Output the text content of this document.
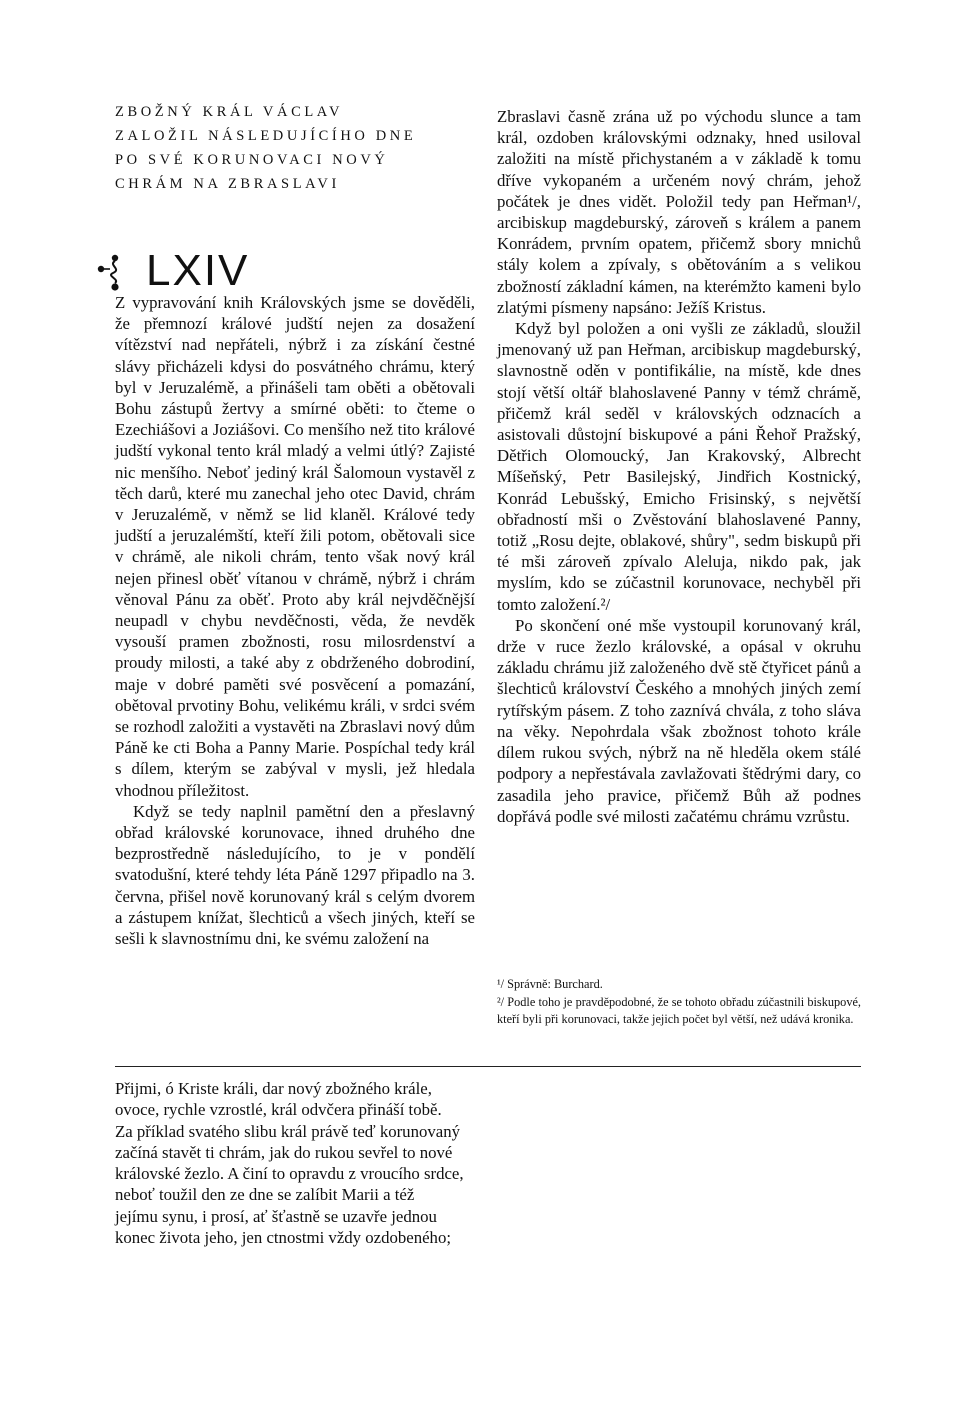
ZBOŽNÝ KRÁL VÁCLAV

ZALOŽIL NÁSLEDUJÍCÍHO DNE

PO SVÉ KORUNOVACI NOVÝ

CHRÁM NA ZBRASLAVI

LXIV

Z vypravování knih Královských jsme se dověděli, že přemnozí králové judští nejen za dosažení vítězství nad nepřáteli, nýbrž i za získání čestné slávy přicházeli kdysi do posvátného chrámu, který byl v Jeruzalémě, a přinášeli tam oběti a obětovali Bohu zástupů žertvy a smírné oběti: to čteme o Ezechiášovi a Joziášovi. Co menšího než tito králové judští vykonal tento král mladý a velmi útlý? Zajisté nic menšího. Neboť jediný král Šalomoun vystavěl z těch darů, které mu zanechal jeho otec David, chrám v Jeruzalémě, v němž se lid klaněl. Králové tedy judští a jeruzalémští, kteří žili potom, obětovali sice v chrámě, ale nikoli chrám, tento však nový král nejen přinesl oběť vítanou v chrámě, nýbrž i chrám věnoval Pánu za oběť. Proto aby král nejvděčnější neupadl v chybu nevděčnosti, věda, že nevděk vysouší pramen zbožnosti, rosu milosrdenství a proudy milosti, a také aby z obdrženého dobrodiní, maje v dobré paměti své posvěcení a pomazání, obětoval prvotiny Bohu, velikému králi, v srdci svém se rozhodl založiti a vystavěti na Zbraslavi nový dům Páně ke cti Boha a Panny Marie. Pospíchal tedy král s dílem, kterým se zabýval v mysli, jež hledala vhodnou příležitost.

Když se tedy naplnil pamětní den a přeslavný obřad královské korunovace, ihned druhého dne bezprostředně následujícího, to je v pondělí svatodušní, které tehdy léta Páně 1297 připadlo na 3. června, přišel nově korunovaný král s celým dvorem a zástupem knížat, šlechticů a všech jiných, kteří se sešli k slavnostnímu dni, ke svému založení na

Zbraslavi časně zrána už po východu slunce a tam král, ozdoben královskými odznaky, hned usiloval založiti na místě přichystaném a v základě k tomu dříve vykopaném a určeném nový chrám, jehož počátek je dnes vidět. Položil tedy pan Heřman¹/, arcibiskup magdeburský, zároveň s králem a panem Konrádem, prvním opatem, přičemž sbory mnichů stály kolem a zpívaly, s obětováním a s velikou zbožností základní kámen, na kterémžto kameni bylo zlatými písmeny napsáno: Ježíš Kristus.

Když byl položen a oni vyšli ze základů, sloužil jmenovaný už pan Heřman, arcibiskup magdeburský, slavnostně oděn v pontifikálie, na místě, kde dnes stojí větší oltář blahoslavené Panny v témž chrámě, přičemž král seděl v královských odznacích a asistovali důstojní biskupové a páni Řehoř Pražský, Dětřich Olomoucký, Jan Krakovský, Albrecht Míšeňský, Petr Basilejský, Jindřich Kostnický, Konrád Lebušský, Emicho Frisinský, s největší obřadností mši o Zvěstování blahoslavené Panny, totiž „Rosu dejte, oblakové, shůry", sedm biskupů při té mši zároveň zpívalo Aleluja, nikdo pak, jak myslím, kdo se zúčastnil korunovace, nechyběl při tomto založení.²/

Po skončení oné mše vystoupil korunovaný král, drže v ruce žezlo královské, a opásal v okruhu základu chrámu již založeného dvě stě čtyřicet pánů a šlechticů království Českého a mnohých jiných zemí rytířským pásem. Z toho zaznívá chvála, z toho sláva na věky. Nepohrdala však zbožnost tohoto krále dílem rukou svých, nýbrž na ně hleděla okem stálé podpory a nepřestávala zavlažovati štědrými dary, co zasadila jeho pravice, přičemž Bůh až podnes dopřává podle své milosti začatému chrámu vzrůstu.

¹/ Správně: Burchard.

²/ Podle toho je pravděpodobné, že se tohoto obřadu zúčastnili biskupové, kteří byli při korunovaci, takže jejich počet byl větší, než udává kronika.

Přijmi, ó Kriste králi, dar nový zbožného krále,

ovoce, rychle vzrostlé, král odvčera přináší tobě.

Za příklad svatého slibu král právě teď korunovaný

začíná stavět ti chrám, jak do rukou sevřel to nové

královské žezlo. A činí to opravdu z vroucího srdce,

neboť toužil den ze dne se zalíbit Marii a též

jejímu synu, i prosí, ať šťastně se uzavře jednou

konec života jeho, jen ctnostmi vždy ozdobeného;
